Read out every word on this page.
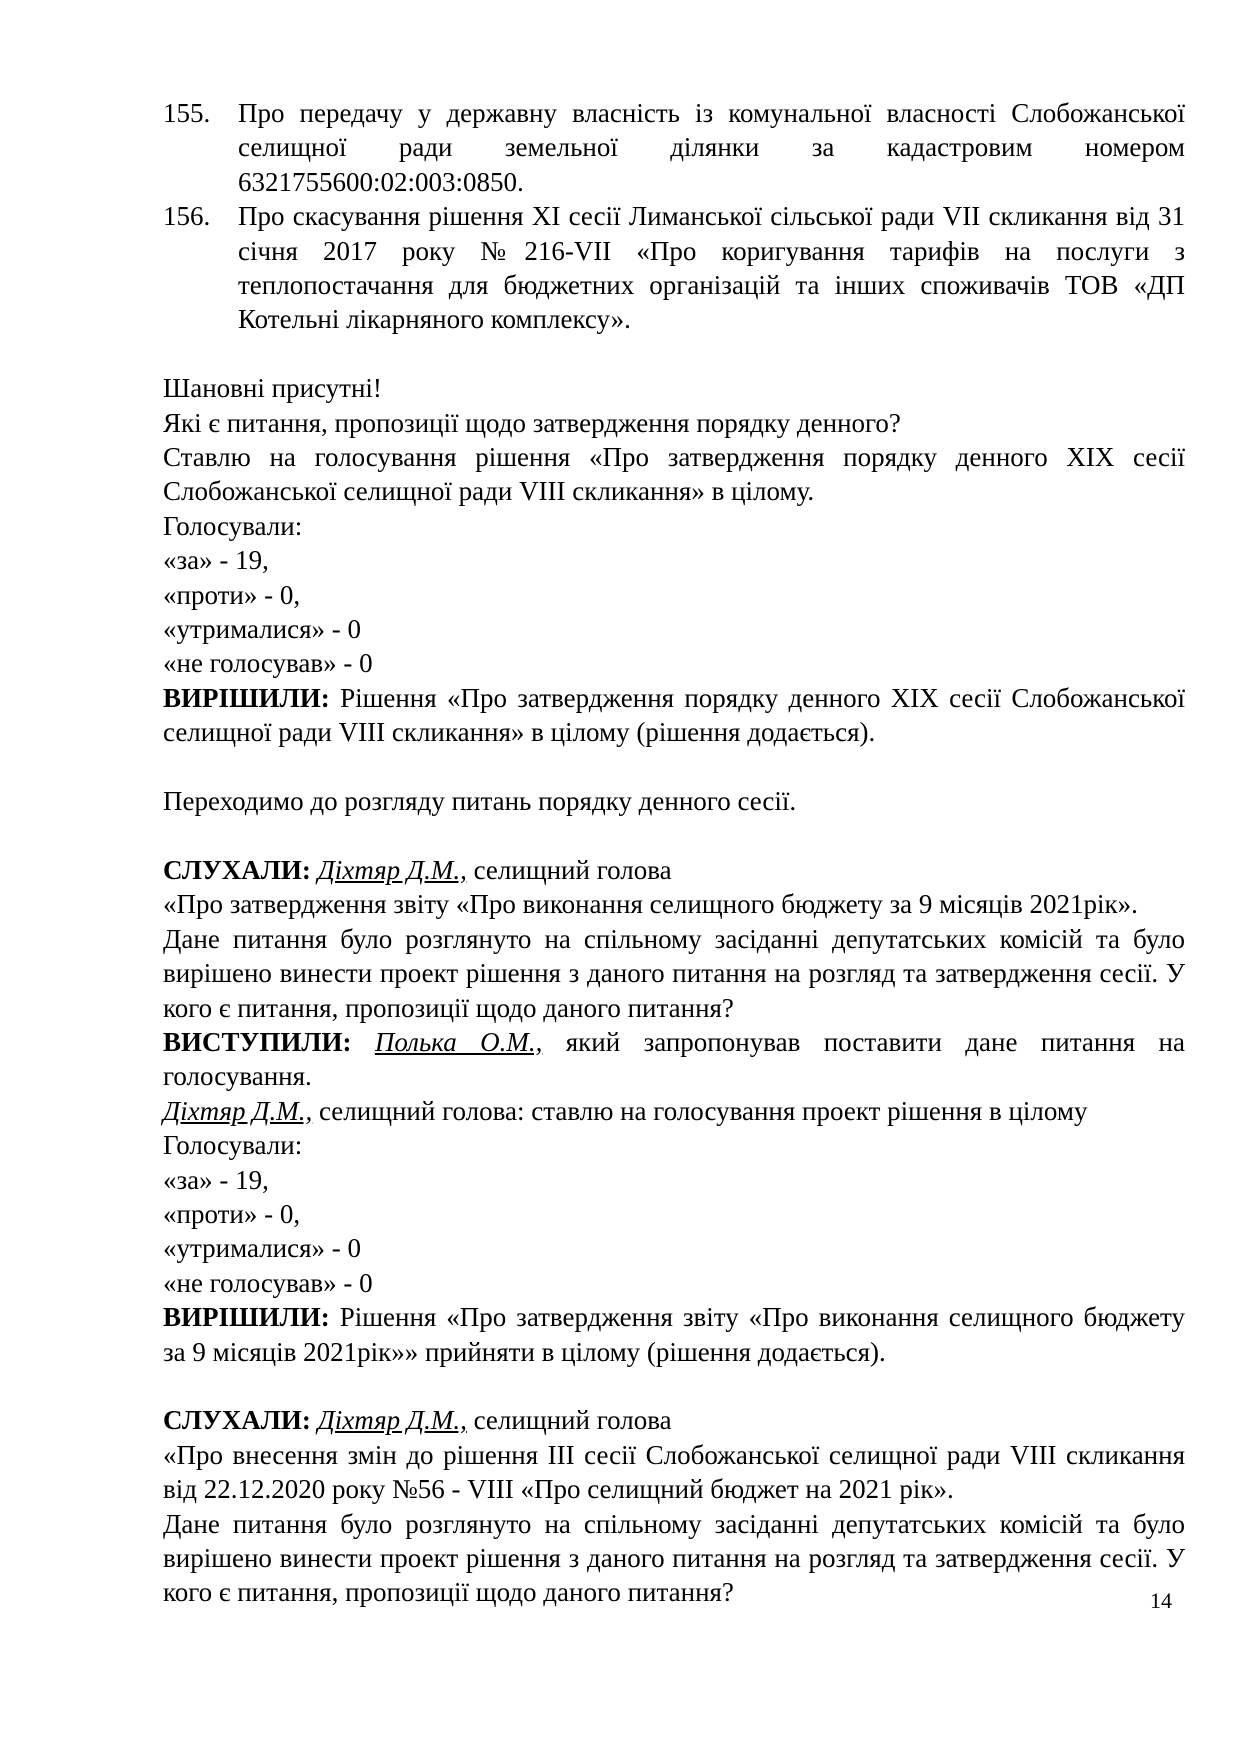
155.	Про передачу у державну власність із комунальної власності Слобожанської селищної ради земельної ділянки за кадастровим номером 6321755600:02:003:0850.
156.	Про скасування рішення XI сесії Лиманської сільської ради VII скликання від 31 січня 2017 року №216-VII «Про коригування тарифів на послуги з теплопостачання для бюджетних організацій та інших споживачів ТОВ «ДП Котельні лікарняного комплексу».

Шановні присутні!

Які є питання, пропозиції щодо затвердження порядку денного?

Ставлю на голосування рішення «Про затвердження порядку денного XIX сесії Слобожанської селищної ради VIII скликання» в цілому.

Голосували:

«за» - 19,

«проти» - 0,

«утрималися» - 0

«не голосував» - 0

ВИРІШИЛИ: Рішення «Про затвердження порядку денного XIX сесії Слобожанської селищної ради VIII скликання» в цілому (рішення додається).

Переходимо до розгляду питань порядку денного сесії.

СЛУХАЛИ: Діхтяр Д.М., селищний голова

«Про затвердження звіту «Про виконання селищного бюджету за 9 місяців 2021рік».

Дане питання було розглянуто на спільному засіданні депутатських комісій та було вирішено винести проект рішення з даного питання на розгляд та затвердження сесії. У кого є питання, пропозиції щодо даного питання?

ВИСТУПИЛИ: Полька О.М., який запропонував поставити дане питання на голосування.

Діхтяр Д.М., селищний голова: ставлю на голосування проект рішення в цілому

Голосували:

«за» - 19,

«проти» - 0,

«утрималися» - 0

«не голосував» - 0

ВИРІШИЛИ: Рішення «Про затвердження звіту «Про виконання селищного бюджету за 9 місяців 2021рік»» прийняти в цілому (рішення додається).

СЛУХАЛИ: Діхтяр Д.М., селищний голова

«Про внесення змін до рішення III сесії Слобожанської селищної ради VIII скликання від 22.12.2020 року №56 - VIII «Про селищний бюджет на 2021 рік».

Дане питання було розглянуто на спільному засіданні депутатських комісій та було вирішено винести проект рішення з даного питання на розгляд та затвердження сесії. У кого є питання, пропозиції щодо даного питання?	14
